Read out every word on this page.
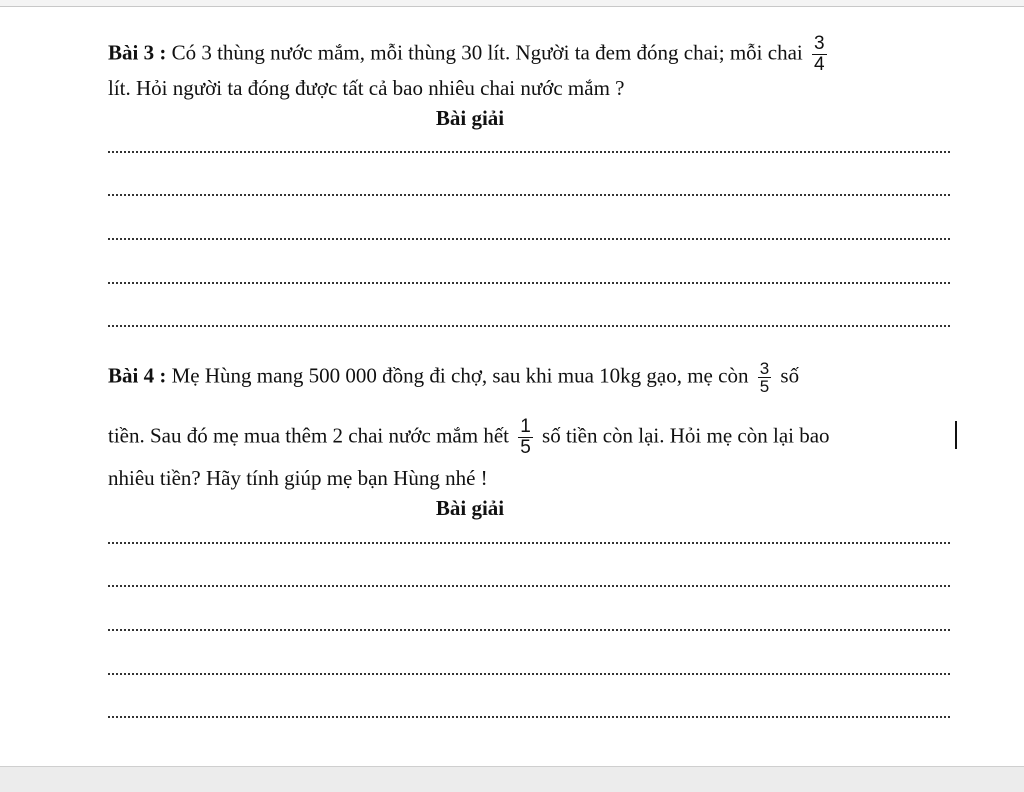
Bài 3 : Có 3 thùng nước mắm, mỗi thùng 30 lít. Người ta đem đóng chai; mỗi chai $\frac{3}{4}$
lít. Hỏi người ta đóng được tất cả bao nhiêu chai nước mắm ?
Bài giải
Bài 4 : Mẹ Hùng mang 500 000 đồng đi chợ, sau khi mua 10kg gạo, mẹ còn $\frac{3}{5}$ số
tiền. Sau đó mẹ mua thêm 2 chai nước mắm hết $\frac{1}{5}$ số tiền còn lại. Hỏi mẹ còn lại bao
nhiêu tiền? Hãy tính giúp mẹ bạn Hùng nhé !
Bài giải
